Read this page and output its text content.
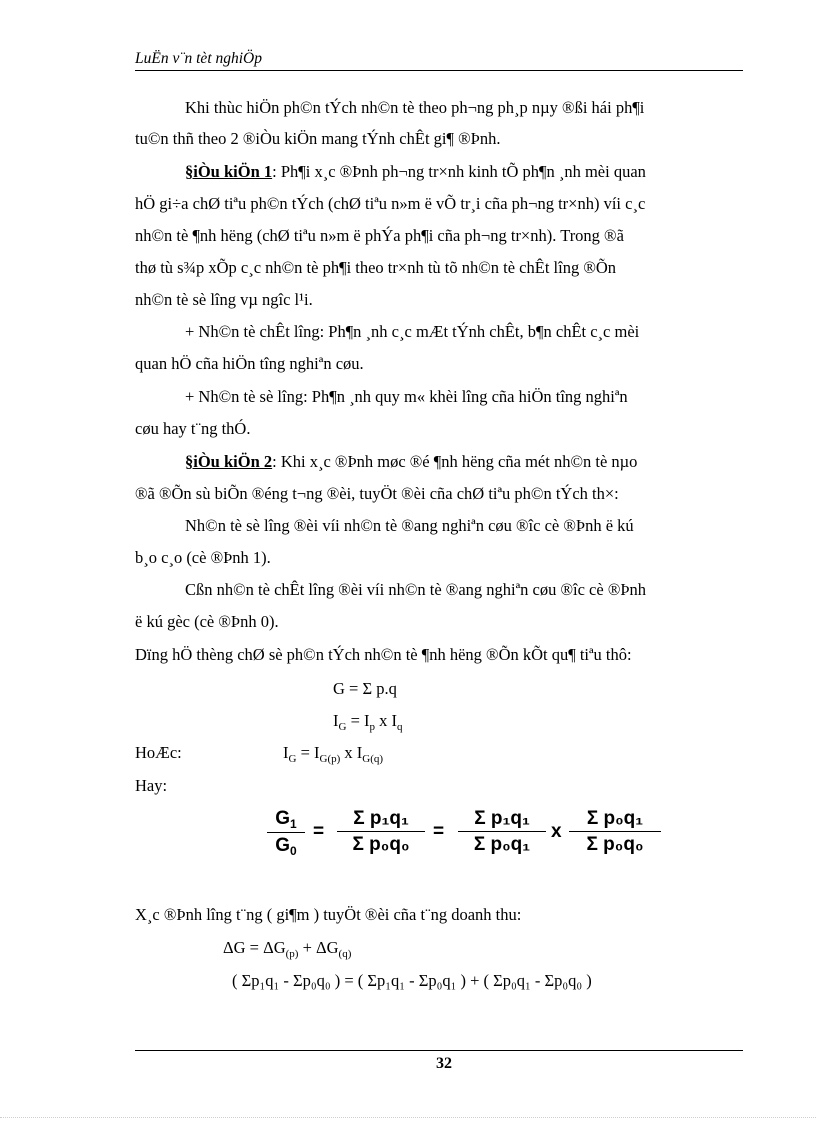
LuËn v¨n tèt nghiÖp
Khi thùc hiÖn ph©n tÝch nh©n tè theo ph¬ng ph¸p nµy ®ßi hái ph¶i
tu©n thñ theo 2 ®iÒu kiÖn mang tÝnh chÊt gi¶ ®Þnh.
§iÒu kiÖn 1: Ph¶i x¸c ®Þnh ph¬ng tr×nh kinh tÕ ph¶n ¸nh mèi quan
hÖ gi÷a chØ tiªu ph©n tÝch (chØ tiªu n»m ë vÕ tr¸i cña ph¬ng tr×nh) víi c¸c
nh©n tè ¶nh hëng (chØ tiªu n»m ë phÝa ph¶i cña ph¬ng tr×nh). Trong ®ã
thø tù s¾p xÕp c¸c nh©n tè ph¶i theo tr×nh tù tõ nh©n tè chÊt lîng ®Õn
nh©n tè sè lîng vµ ngîc l¹i.
+ Nh©n tè chÊt lîng: Ph¶n ¸nh c¸c mÆt tÝnh chÊt, b¶n chÊt c¸c mèi
quan hÖ cña hiÖn tîng nghiªn cøu.
+ Nh©n tè sè lîng: Ph¶n ¸nh quy m« khèi lîng cña hiÖn tîng nghiªn
cøu hay t¨ng thÓ.
§iÒu kiÖn 2: Khi x¸c ®Þnh møc ®é ¶nh hëng cña mét nh©n tè nµo
®ã ®Õn sù biÕn ®éng t¬ng ®èi, tuyÖt ®èi cña chØ tiªu ph©n tÝch th×:
Nh©n tè sè lîng ®èi víi nh©n tè ®ang nghiªn cøu ®îc cè ®Þnh ë kú
b¸o c¸o (cè ®Þnh 1).
Cßn nh©n tè chÊt lîng ®èi víi nh©n tè ®ang nghiªn cøu ®îc cè ®Þnh
ë kú gèc (cè ®Þnh 0).
Dïng hÖ thèng chØ sè ph©n tÝch nh©n tè ¶nh hëng ®Õn kÕt qu¶ tiªu thô:
G = Σ p.q
$I_G = I_p$ x $I_q$
HoÆc:	$I_G = I_{G(p)}$ x $I_{G(q)}$
Hay:
$G_1$
$G_0$
=
Σ p₁q₁
Σ p₀q₀
=
Σ p₁q₁
Σ p₀q₁
x
Σ p₀q₁
Σ p₀q₀
X¸c ®Þnh lîng t¨ng ( gi¶m ) tuyÖt ®èi cña t¨ng doanh thu:
$\Delta G = \Delta G_{(p)} + \Delta G_{(q)}$
( Σp₁q₁ - Σp₀q₀ ) = ( Σp₁q₁ - Σp₀q₁ ) + ( Σp₀q₁ - Σp₀q₀ )
32
